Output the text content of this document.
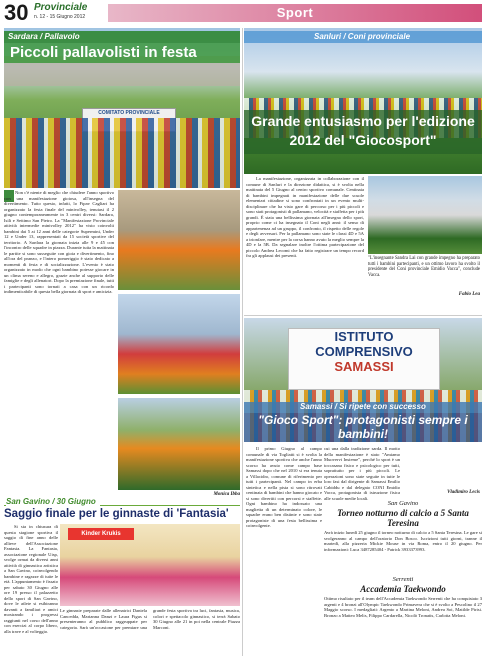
30 Provinciale
n. 12 - 15 Giugno 2012	Sport
COMITATO PROVINCIALE
Sardara / Pallavolo
Piccoli pallavolisti in festa
Non c'è niente di meglio che chiudere l'anno sportivo con una manifestazione gioiosa, all'insegna del divertimento. Tutto questo, infatti, lo Fipav Cagliari ha organizzato la festa finale del minivolley, tenutasi il 2 giugno contemporaneamente in 3 centri diversi: Sardara, Isili e Settimo San Pietro. La "Manifestazione Provinciale attività intermedie minivolley 2012" ha visto coinvolti bambini dai 5 ai 12 anni delle categorie Supermini, Under 12 e Under 13, rappresentati da 15 società sportive del territorio. A Sardara la giornata inizia alle 9 e 45 con l'incontro delle squadre in piazza. Durante tutta la mattinata le partite si sono susseguite con gioia e divertimento, fino all'ora del pranzo, e l'intero pomeriggio è stato dedicato a momenti di festa e di socializzazione. L'evento è stato organizzato in modo che ogni bambino potesse giocare in un clima sereno e allegro, grazie anche al supporto delle famiglie e degli allenatori. Dopo la premiazione finale, tutti i partecipanti sono tornati a casa con un ricordo indimenticabile di questa bella giornata di sport e amicizia.
Monica Ibba
Sanluri / Coni provinciale
Grande entusiasmo per l'edizione 2012 del "Giocosport"
La manifestazione, organizzata in collaborazione con il comune di Sanluri e la direzione didattica, si è svolta nella mattinata del 5 Giugno al centro sportivo comunale. Centinaia di bambini impegnati in manifestazione delle due scuole elementari cittadine si sono confrontati in un evento multi-disciplinare che ha visto gare di percorso per i più piccoli e sono stati protagonisti di pallamano, velocità e staffetta per i più grandi. È stata una bellissima giornata all'insegna dello sport, proprio come ci ha insegnato il Coni negli anni: il senso di appartenenza ad un gruppo, il confronto, il rispetto delle regole e degli avversari. Per la pallamano sono state le classi 4D e 5A a trionfare, mentre per la corsa hanno avuto la meglio sempre la 4D e la 5B. Da segnalare inoltre l'ottima partecipazione del piccolo Andrea Lecomi che ha fatto registrare un tempo record fra gli applausi dei presenti.
"L'insegnante Sandra Lai con grande impegno ha preparato tutti i bambini partecipanti, e un ottimo lavoro ha svolto il presidente del Coni provinciale Emidio Vacca", conclude Vacca.
Fabio Lea
ISTITUTO
COMPRENSIVO
SAMASSI
Samassi / Si ripete con successo
"Gioco Sport": protagonisti sempre i bambini!
Il primo Giugno al campo comunale di via Togliatti si è svolta la manifestazione sportiva che anche l'anno scorso ha avuto come campo base Samassi dopo che nel 2010 si era tenuta a Villacidro, comune di riferimento per tutti i partecipanti. Nel campo in erba sintetica e nella pista si sono ritrovati centinaia di bambini che hanno giocato e si sono divertiti con percorsi e staffette. Ogni bambino ha indossato una maglietta di un determinato colore, le squadre erano ben distinte e sono state protagoniste di una festa bellissima e coinvolgente.
cui una dalla tradizione sarda. Il motto della manifestazione è stato "Amiamo Muovervi Insieme", perché lo sport è un toccasana fisico e psicologico per tutti, soprattutto per i più piccoli. Le operazioni sono state seguite in tutte le loro fasi dal dirigente di Samassi Emilio Cabiddu e dal delegato CONI Emidio Vacca, protagonista di istruzione fisica alle scuole medie locali.
Vladimiro Lecis
San Gavino
Torneo notturno di calcio a 5 Santa Teresina
Avrà inizio lunedì 25 giugno il torneo notturno di calcio a 5 Santa Teresina. Le gare si svolgeranno al campo dell'oratorio Don Bosco. Iscrizioni tutti giorni, tranne il martedì, alla pizzeria Mickie Mouse in via Roma, entro il 20 giugno. Per informazioni: Luca 3487285404 - Patrick 3933373993.
Serrenti
Accademia Taekwondo
Ottimo risultato per il team dell'Accademia Taekwondo Serrenti che ha conquistato 3 argenti e 4 bronzi all'Olympic Taekwondo Primavera che si è svolto a Pescolino il 27 Maggio scorso. I medagliati: Argento a Martina Meloni, Andrea Soi, Matilde Pirisi. Bronzo a Matteo Melis, Filippo Cardarella, Nicolò Tronatis, Carlotta Meloni.
San Gavino / 30 Giugno
Saggio finale per le ginnaste di 'Fantasia'
Si sta in chiusura di questa stagione sportiva il saggio di fine anno delle allieve dell'Associazione Fantasia. La Fantasia, associazione regionale Uisp, svolge ormai da diversi anni attività di ginnastica artistica a San Gavino, coinvolgendo bambine e ragazze di tutte le età. L'appuntamento è fissato per sabato 30 Giugno alle ore 19 presso il palazzetto dello sport di San Gavino, dove le atlete si esibiranno davanti a familiari e amici mostrando i progressi raggiunti nel corso dell'anno con esercizi al corpo libero, alla trave e al volteggio.
Kinder Krukis
Le ginnaste preparate dalle allenatrici Daniela Cancedda, Marianna Danzi e Laura Figus si presenteranno al pubblico raggruppate per categoria. Sarà un'occasione per premiare una grande festa sportiva tra luci, fantasia, musica, colori e spettacolo ginnastico, si terrà Sabato 30 Giugno alle 21 in poi nella centrale Piazza Marconi.
